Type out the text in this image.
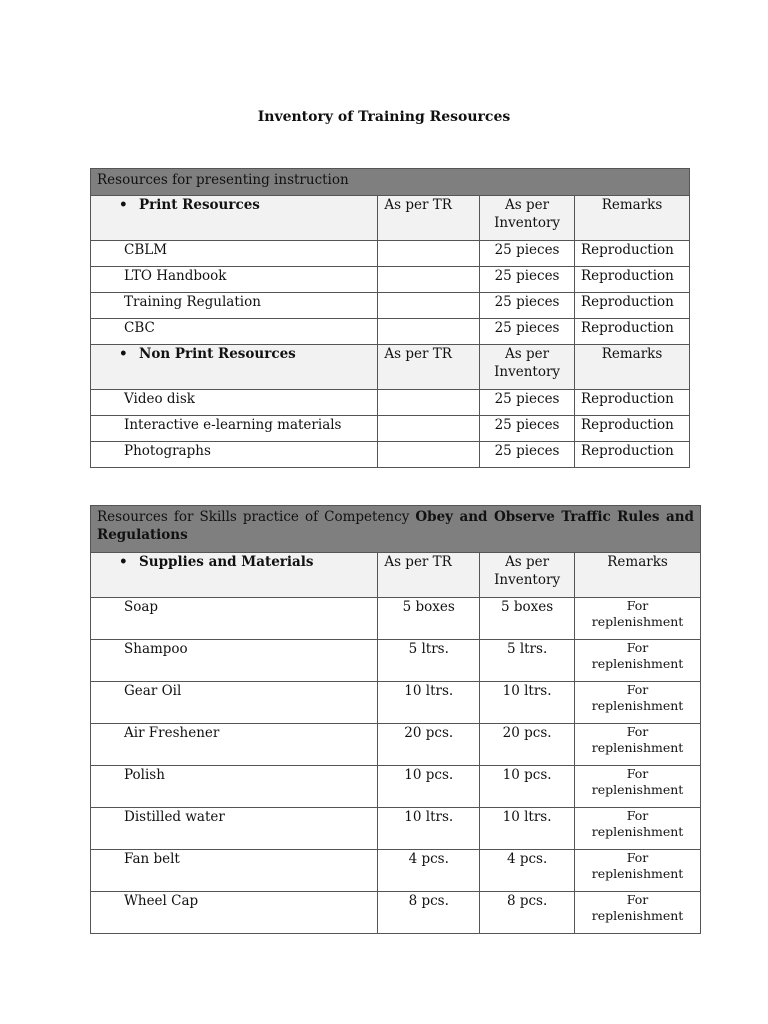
Inventory of Training Resources
Resources for presenting instruction			
• Print Resources	As per TR	As per Inventory	Remarks
CBLM		25 pieces	Reproduction
LTO Handbook		25 pieces	Reproduction
Training Regulation		25 pieces	Reproduction
CBC		25 pieces	Reproduction
• Non Print Resources	As per TR	As per Inventory	Remarks
Video disk		25 pieces	Reproduction
Interactive e-learning materials		25 pieces	Reproduction
Photographs		25 pieces	Reproduction
Resources for Skills practice of Competency Obey and Observe Traffic Rules and Regulations			
• Supplies and Materials	As per TR	As per Inventory	Remarks
Soap	5 boxes	5 boxes	For replenishment
Shampoo	5 ltrs.	5 ltrs.	For replenishment
Gear Oil	10 ltrs.	10 ltrs.	For replenishment
Air Freshener	20 pcs.	20 pcs.	For replenishment
Polish	10 pcs.	10 pcs.	For replenishment
Distilled water	10 ltrs.	10 ltrs.	For replenishment
Fan belt	4 pcs.	4 pcs.	For replenishment
Wheel Cap	8 pcs.	8 pcs.	For replenishment
